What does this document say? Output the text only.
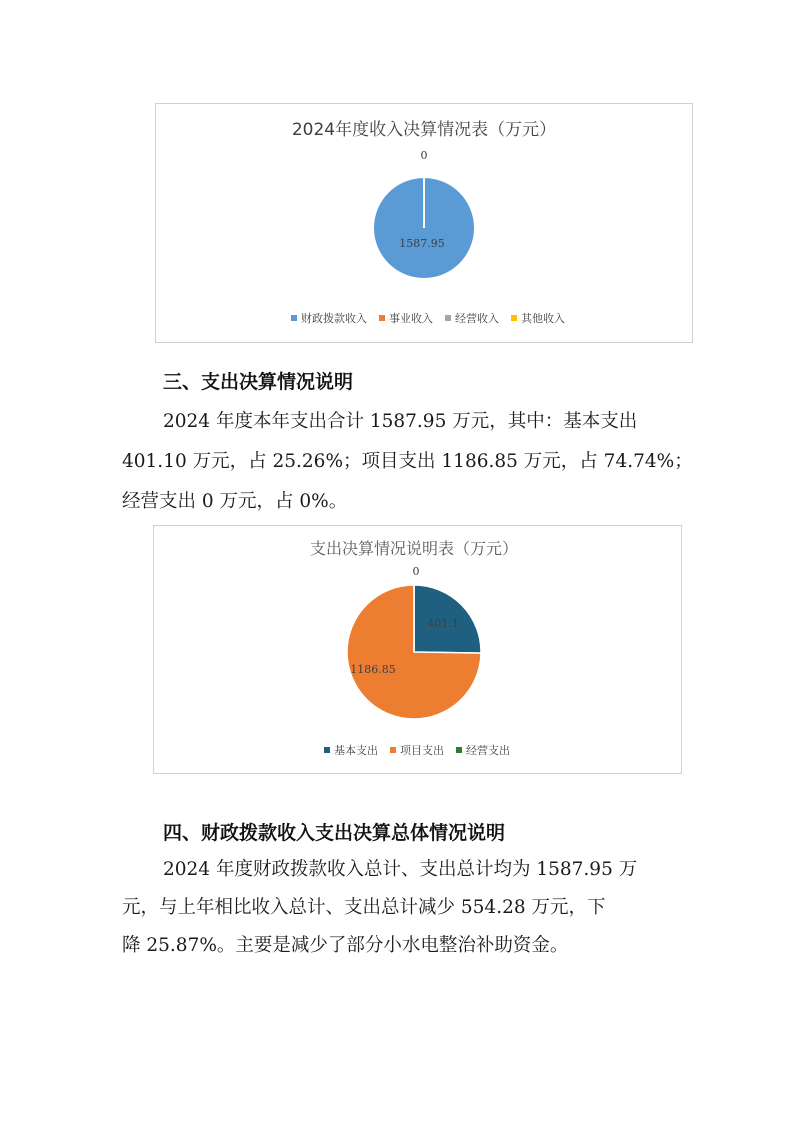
2024年度收入决算情况表（万元）
1587.95
0
财政拨款收入 事业收入 经营收入 其他收入
三、支出决算情况说明
2024 年度本年支出合计 1587.95 万元，其中：基本支出
401.10 万元，占 25.26%；项目支出 1186.85 万元，占 74.74%；
经营支出 0 万元，占 0%。
支出决算情况说明表（万元）
401.1
1186.85
0
基本支出 项目支出 经营支出
四、财政拨款收入支出决算总体情况说明
2024 年度财政拨款收入总计、支出总计均为 1587.95 万
元，与上年相比收入总计、支出总计减少 554.28 万元，下
降 25.87%。主要是减少了部分小水电整治补助资金。
